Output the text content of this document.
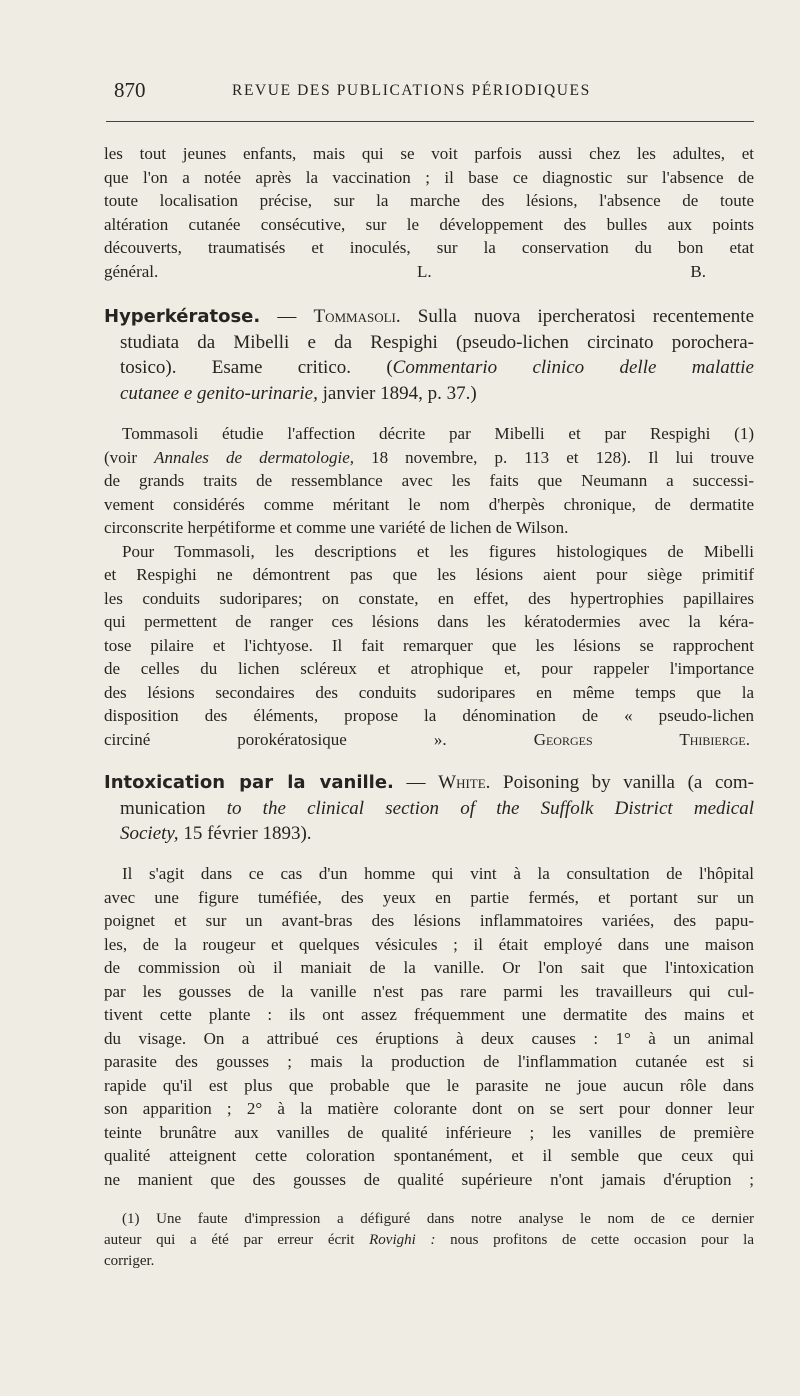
870	REVUE DES PUBLICATIONS PÉRIODIQUES
les tout jeunes enfants, mais qui se voit parfois aussi chez les adultes, et
que l'on a notée après la vaccination ; il base ce diagnostic sur l'absence de
toute localisation précise, sur la marche des lésions, l'absence de toute
altération cutanée consécutive, sur le développement des bulles aux points
découverts, traumatisés et inoculés, sur la conservation du bon etat
général.	L. B.
Hyperkératose. — Tommasoli. Sulla nuova ipercheratosi recentemente
studiata da Mibelli e da Respighi (pseudo-lichen circinato porochera-
tosico). Esame critico. (Commentario clinico delle malattie
cutanee e genito-urinarie, janvier 1894, p. 37.)
Tommasoli étudie l'affection décrite par Mibelli et par Respighi (1)
(voir Annales de dermatologie, 18 novembre, p. 113 et 128). Il lui trouve
de grands traits de ressemblance avec les faits que Neumann a successi-
vement considérés comme méritant le nom d'herpès chronique, de dermatite
circonscrite herpétiforme et comme une variété de lichen de Wilson.
Pour Tommasoli, les descriptions et les figures histologiques de Mibelli
et Respighi ne démontrent pas que les lésions aient pour siège primitif
les conduits sudoripares; on constate, en effet, des hypertrophies papillaires
qui permettent de ranger ces lésions dans les kératodermies avec la kéra-
tose pilaire et l'ichtyose. Il fait remarquer que les lésions se rapprochent
de celles du lichen scléreux et atrophique et, pour rappeler l'importance
des lésions secondaires des conduits sudoripares en même temps que la
disposition des éléments, propose la dénomination de « pseudo-lichen
circiné porokératosique ».	Georges Thibierge.
Intoxication par la vanille. — White. Poisoning by vanilla (a com-
munication to the clinical section of the Suffolk District medical
Society, 15 février 1893).
Il s'agit dans ce cas d'un homme qui vint à la consultation de l'hôpital
avec une figure tuméfiée, des yeux en partie fermés, et portant sur un
poignet et sur un avant-bras des lésions inflammatoires variées, des papu-
les, de la rougeur et quelques vésicules ; il était employé dans une maison
de commission où il maniait de la vanille. Or l'on sait que l'intoxication
par les gousses de la vanille n'est pas rare parmi les travailleurs qui cul-
tivent cette plante : ils ont assez fréquemment une dermatite des mains et
du visage. On a attribué ces éruptions à deux causes : 1° à un animal
parasite des gousses ; mais la production de l'inflammation cutanée est si
rapide qu'il est plus que probable que le parasite ne joue aucun rôle dans
son apparition ; 2° à la matière colorante dont on se sert pour donner leur
teinte brunâtre aux vanilles de qualité inférieure ; les vanilles de première
qualité atteignent cette coloration spontanément, et il semble que ceux qui
ne manient que des gousses de qualité supérieure n'ont jamais d'éruption ;
(1) Une faute d'impression a défiguré dans notre analyse le nom de ce dernier
auteur qui a été par erreur écrit Rovighi : nous profitons de cette occasion pour la
corriger.
